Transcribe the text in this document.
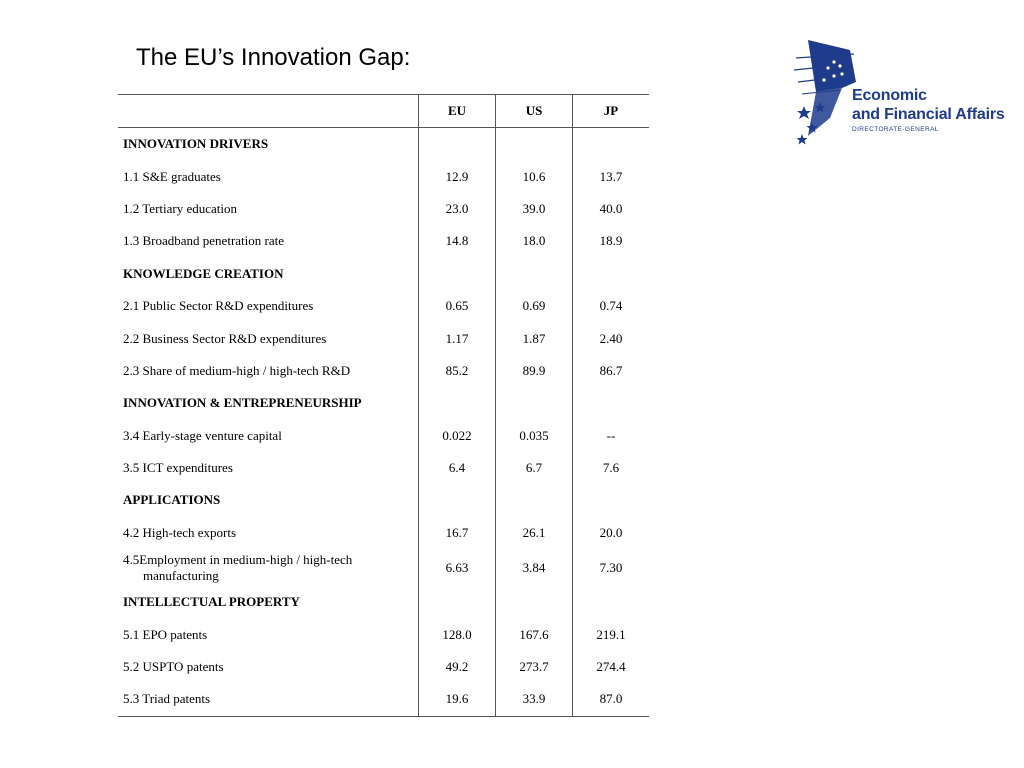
The EU’s Innovation Gap:
Economic
and Financial Affairs
DIRECTORATE-GENERAL
	EU	US	JP
INNOVATION DRIVERS			
1.1 S&E graduates	12.9	10.6	13.7
1.2 Tertiary education	23.0	39.0	40.0
1.3 Broadband penetration rate	14.8	18.0	18.9
KNOWLEDGE CREATION			
2.1 Public Sector R&D expenditures	0.65	0.69	0.74
2.2 Business Sector R&D expenditures	1.17	1.87	2.40
2.3 Share of medium-high / high-tech R&D	85.2	89.9	86.7
INNOVATION & ENTREPRENEURSHIP			
3.4 Early-stage venture capital	0.022	0.035	--
3.5 ICT expenditures	6.4	6.7	7.6
APPLICATIONS			
4.2 High-tech exports	16.7	26.1	20.0
4.5Employment in medium-high / high-tech
manufacturing	6.63	3.84	7.30
INTELLECTUAL PROPERTY			
5.1 EPO patents	128.0	167.6	219.1
5.2 USPTO patents	49.2	273.7	274.4
5.3 Triad patents	19.6	33.9	87.0
